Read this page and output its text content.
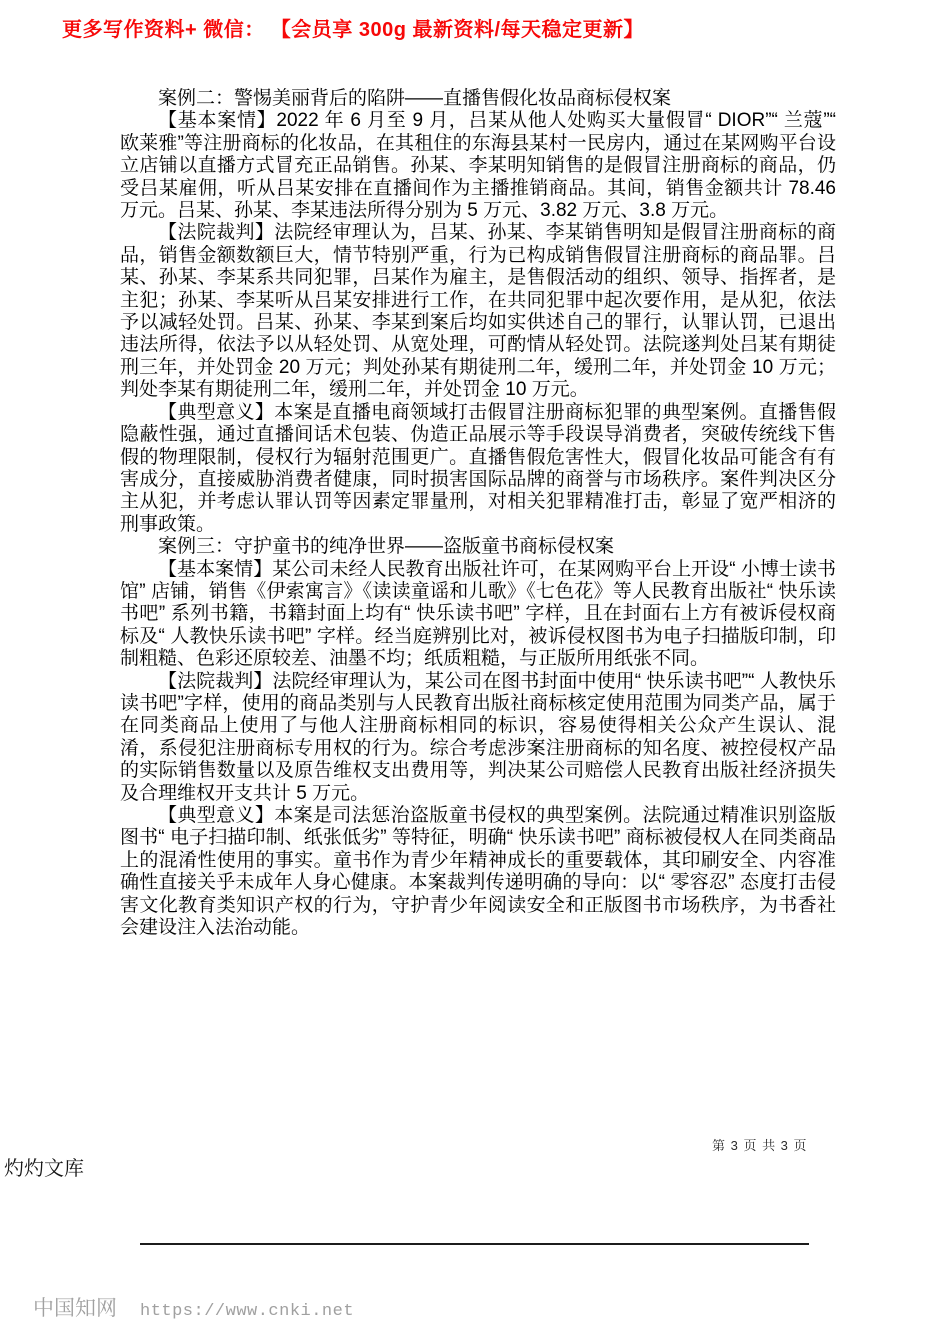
更多写作资料+ 微信： 【会员享 300g 最新资料/每天稳定更新】

案例二：警惕美丽背后的陷阱——直播售假化妆品商标侵权案

【基本案情】2022 年 6 月至 9 月，吕某从他人处购买大量假冒“ DIOR”“ 兰蔻”“ 欧莱雅”等注册商标的化妆品，在其租住的东海县某村一民房内，通过在某网购平台设立店铺以直播方式冒充正品销售。孙某、李某明知销售的是假冒注册商标的商品，仍受吕某雇佣，听从吕某安排在直播间作为主播推销商品。其间，销售金额共计 78.46 万元。吕某、孙某、李某违法所得分别为 5 万元、3.82 万元、3.8 万元。

【法院裁判】法院经审理认为，吕某、孙某、李某销售明知是假冒注册商标的商品，销售金额数额巨大，情节特别严重，行为已构成销售假冒注册商标的商品罪。吕某、孙某、李某系共同犯罪，吕某作为雇主，是售假活动的组织、领导、指挥者，是主犯；孙某、李某听从吕某安排进行工作，在共同犯罪中起次要作用，是从犯，依法予以减轻处罚。吕某、孙某、李某到案后均如实供述自己的罪行，认罪认罚，已退出违法所得，依法予以从轻处罚、从宽处理，可酌情从轻处罚。法院遂判处吕某有期徒刑三年，并处罚金 20 万元；判处孙某有期徒刑二年，缓刑二年，并处罚金 10 万元；判处李某有期徒刑二年，缓刑二年，并处罚金 10 万元。

【典型意义】本案是直播电商领域打击假冒注册商标犯罪的典型案例。直播售假隐蔽性强，通过直播间话术包装、伪造正品展示等手段误导消费者，突破传统线下售假的物理限制，侵权行为辐射范围更广。直播售假危害性大，假冒化妆品可能含有有害成分，直接威胁消费者健康，同时损害国际品牌的商誉与市场秩序。案件判决区分主从犯，并考虑认罪认罚等因素定罪量刑，对相关犯罪精准打击，彰显了宽严相济的刑事政策。

案例三：守护童书的纯净世界——盗版童书商标侵权案

【基本案情】某公司未经人民教育出版社许可，在某网购平台上开设“ 小博士读书馆” 店铺，销售《伊索寓言》《读读童谣和儿歌》《七色花》等人民教育出版社“ 快乐读书吧” 系列书籍，书籍封面上均有“ 快乐读书吧” 字样，且在封面右上方有被诉侵权商标及“ 人教快乐读书吧” 字样。经当庭辨别比对，被诉侵权图书为电子扫描版印制，印制粗糙、色彩还原较差、油墨不均；纸质粗糙，与正版所用纸张不同。

【法院裁判】法院经审理认为，某公司在图书封面中使用“ 快乐读书吧”“ 人教快乐读书吧”字样，使用的商品类别与人民教育出版社商标核定使用范围为同类产品，属于在同类商品上使用了与他人注册商标相同的标识，容易使得相关公众产生误认、混淆，系侵犯注册商标专用权的行为。综合考虑涉案注册商标的知名度、被控侵权产品的实际销售数量以及原告维权支出费用等，判决某公司赔偿人民教育出版社经济损失及合理维权开支共计 5 万元。

【典型意义】本案是司法惩治盗版童书侵权的典型案例。法院通过精准识别盗版图书“ 电子扫描印制、纸张低劣” 等特征，明确“ 快乐读书吧” 商标被侵权人在同类商品上的混淆性使用的事实。童书作为青少年精神成长的重要载体，其印刷安全、内容准确性直接关乎未成年人身心健康。本案裁判传递明确的导向：以“ 零容忍” 态度打击侵害文化教育类知识产权的行为，守护青少年阅读安全和正版图书市场秩序，为书香社会建设注入法治动能。

第 3 页 共 3 页
灼灼文库
中国知网 https://www.cnki.net
